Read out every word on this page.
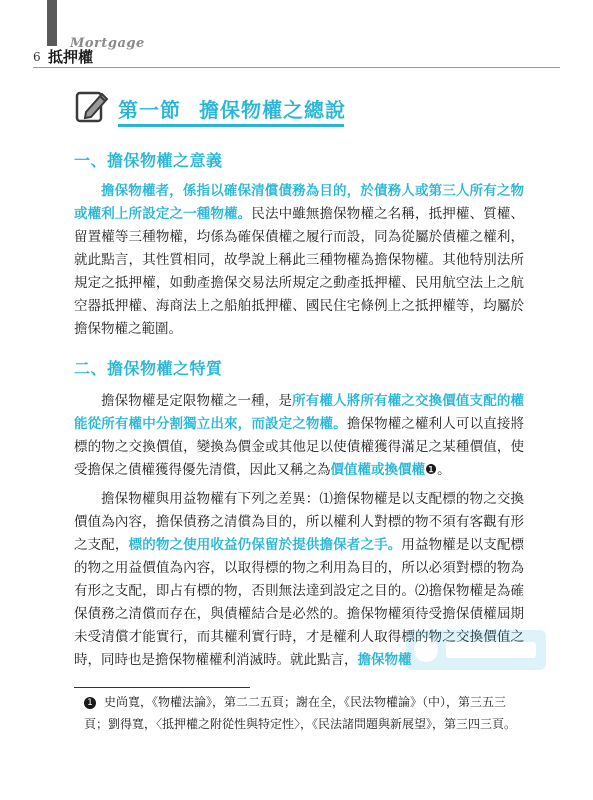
Mortgage
6 抵押權
第一節 擔保物權之總說
一、擔保物權之意義

擔保物權者，係指以確保清償債務為目的，於債務人或第三人所有之物或權利上所設定之一種物權。民法中雖無擔保物權之名稱，抵押權、質權、留置權等三種物權，均係為確保債權之履行而設，同為從屬於債權之權利，就此點言，其性質相同，故學說上稱此三種物權為擔保物權。其他特別法所規定之抵押權，如動產擔保交易法所規定之動產抵押權、民用航空法上之航空器抵押權、海商法上之船舶抵押權、國民住宅條例上之抵押權等，均屬於擔保物權之範圍。

二、擔保物權之特質

擔保物權是定限物權之一種，是所有權人將所有權之交換價值支配的權能從所有權中分割獨立出來，而設定之物權。擔保物權之權利人可以直接將標的物之交換價值，變換為價金或其他足以使債權獲得滿足之某種價值，使受擔保之債權獲得優先清償，因此又稱之為價值權或換價權❶。

擔保物權與用益物權有下列之差異：⑴擔保物權是以支配標的物之交換價值為內容，擔保債務之清償為目的，所以權利人對標的物不須有客觀有形之支配，標的物之使用收益仍保留於提供擔保者之手。用益物權是以支配標的物之用益價值為內容，以取得標的物之利用為目的，所以必須對標的物為有形之支配，即占有標的物，否則無法達到設定之目的。⑵擔保物權是為確保債務之清償而存在，與債權結合是必然的。擔保物權須待受擔保債權屆期未受清償才能實行，而其權利實行時，才是權利人取得標的物之交換價值之時，同時也是擔保物權權利消滅時。就此點言，擔保物權

1 史尚寬，《物權法論》，第二二五頁；謝在全，《民法物權論》（中），第三五三頁；劉得寬，〈抵押權之附從性與特定性〉，《民法諸問題與新展望》，第三四三頁。
